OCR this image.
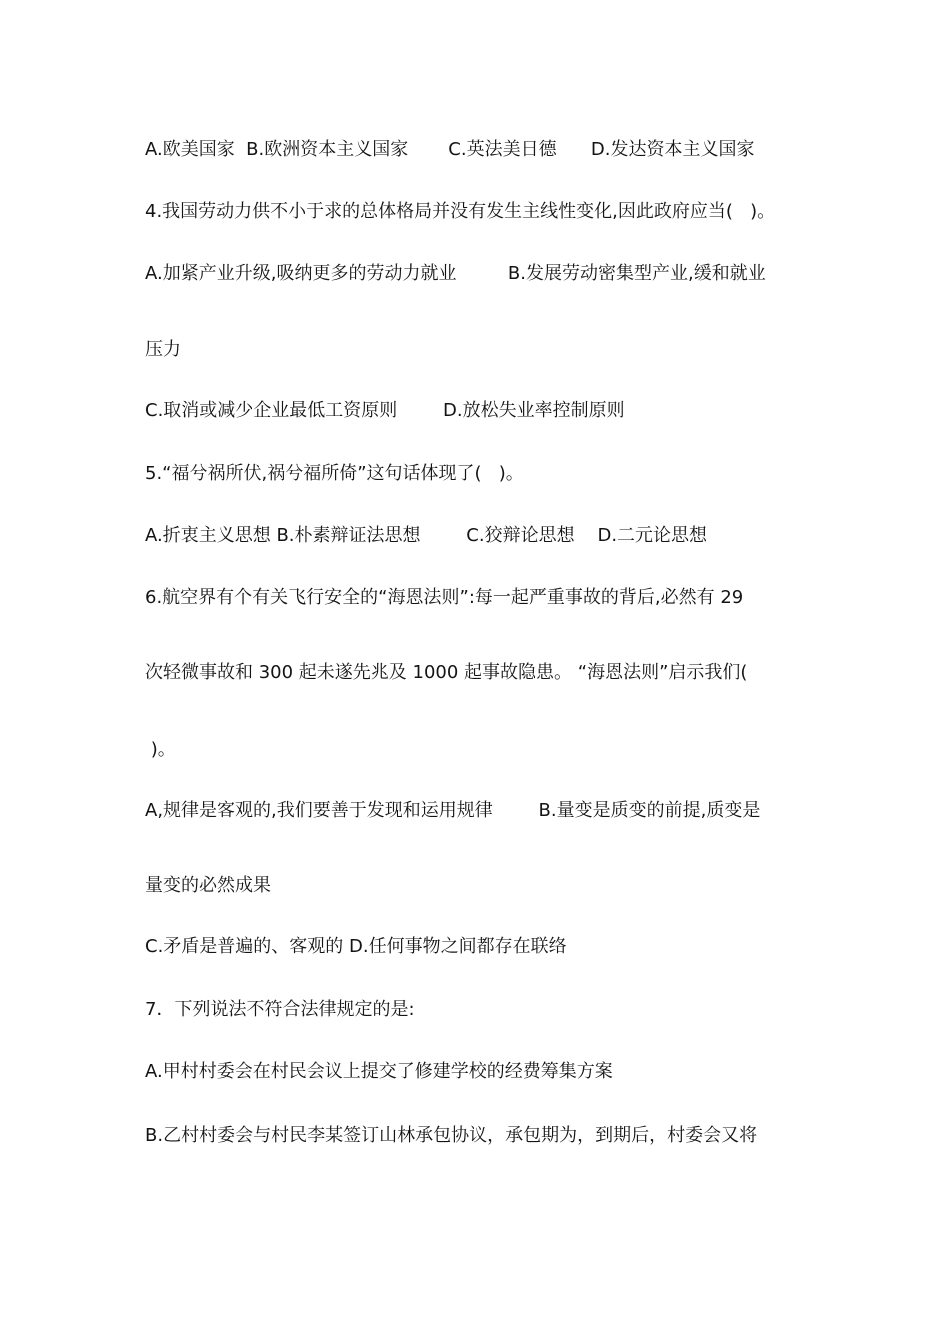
A.欧美国家  B.欧洲资本主义国家       C.英法美日德      D.发达资本主义国家
4.我国劳动力供不小于求的总体格局并没有发生主线性变化,因此政府应当(   )。
A.加紧产业升级,吸纳更多的劳动力就业         B.发展劳动密集型产业,缓和就业
压力
C.取消或减少企业最低工资原则        D.放松失业率控制原则
5.“福兮祸所伏,祸兮福所倚”这句话体现了(   )。
A.折衷主义思想 B.朴素辩证法思想        C.狡辩论思想    D.二元论思想
6.航空界有个有关飞行安全的“海恩法则”:每一起严重事故的背后,必然有 29
次轻微事故和 300 起未遂先兆及 1000 起事故隐患。 “海恩法则”启示我们(
)。
A,规律是客观的,我们要善于发现和运用规律        B.量变是质变的前提,质变是
量变的必然成果
C.矛盾是普遍的、客观的 D.任何事物之间都存在联络
7．下列说法不符合法律规定的是:
A.甲村村委会在村民会议上提交了修建学校的经费筹集方案
B.乙村村委会与村民李某签订山林承包协议，承包期为，到期后，村委会又将
